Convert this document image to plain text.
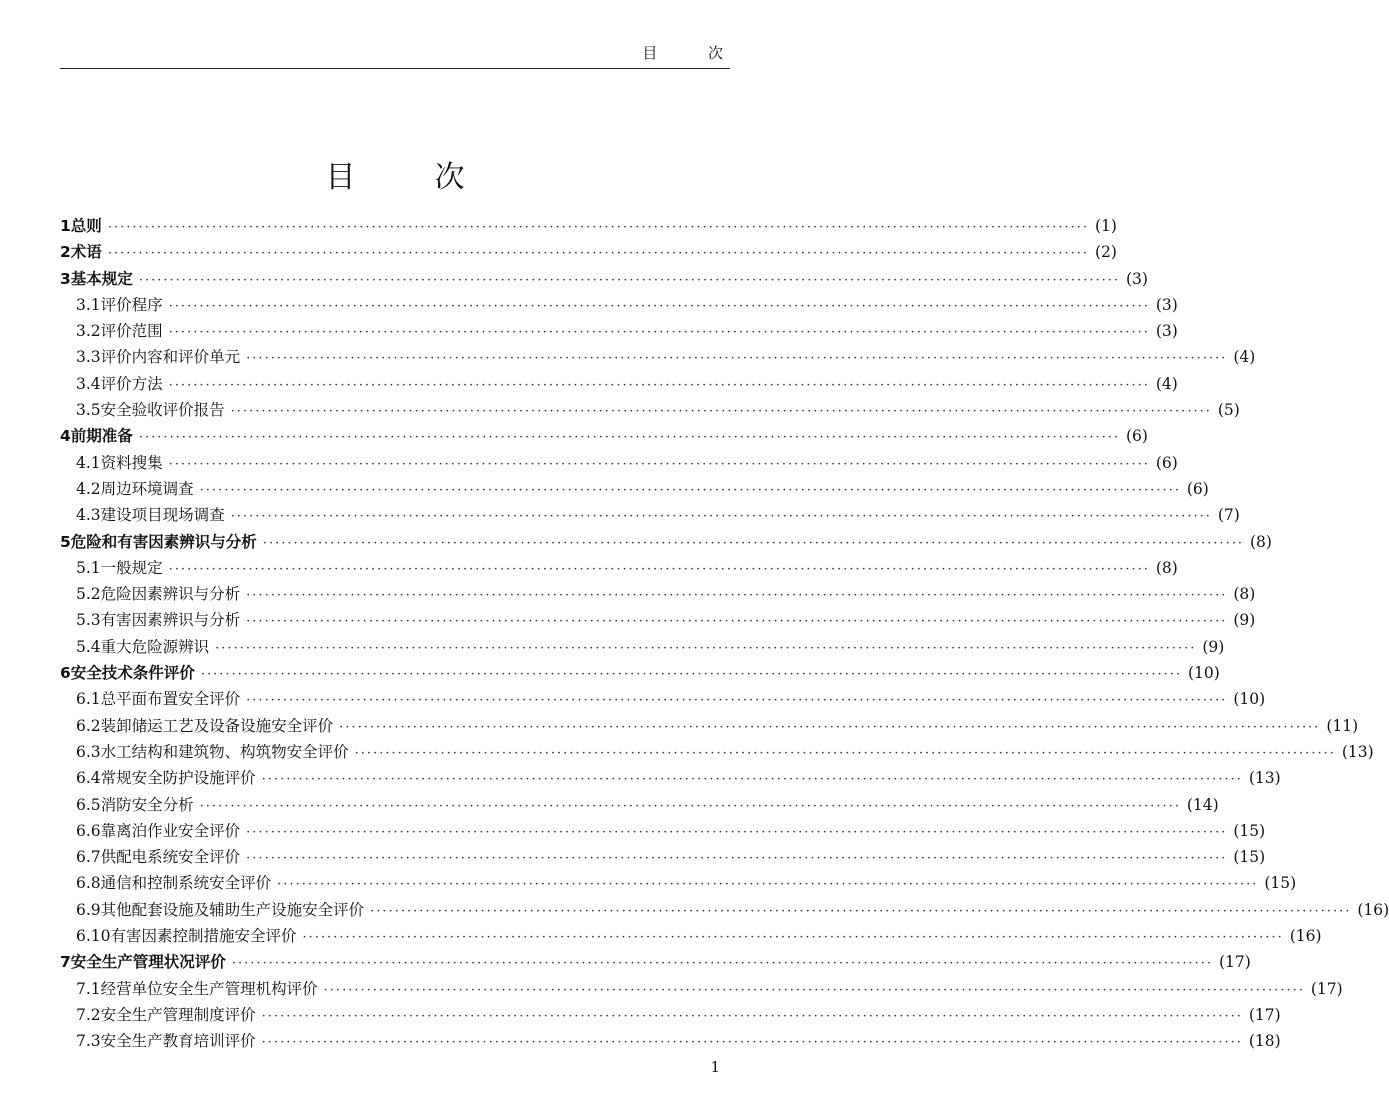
目	次
目	次
1 总则 ································································································································································ (1)
2 术语 ································································································································································ (2)
3 基本规定 ································································································································································ (3)
3.1 评价程序 ································································································································································ (3)
3.2 评价范围 ································································································································································ (3)
3.3 评价内容和评价单元 ································································································································································ (4)
3.4 评价方法 ································································································································································ (4)
3.5 安全验收评价报告 ································································································································································ (5)
4 前期准备 ································································································································································ (6)
4.1 资料搜集 ································································································································································ (6)
4.2 周边环境调查 ································································································································································ (6)
4.3 建设项目现场调查 ································································································································································ (7)
5 危险和有害因素辨识与分析 ································································································································································ (8)
5.1 一般规定 ································································································································································ (8)
5.2 危险因素辨识与分析 ································································································································································ (8)
5.3 有害因素辨识与分析 ································································································································································ (9)
5.4 重大危险源辨识 ································································································································································ (9)
6 安全技术条件评价 ································································································································································ (10)
6.1 总平面布置安全评价 ································································································································································ (10)
6.2 装卸储运工艺及设备设施安全评价 ································································································································································ (11)
6.3 水工结构和建筑物、构筑物安全评价 ································································································································································ (13)
6.4 常规安全防护设施评价 ································································································································································ (13)
6.5 消防安全分析 ································································································································································ (14)
6.6 靠离泊作业安全评价 ································································································································································ (15)
6.7 供配电系统安全评价 ································································································································································ (15)
6.8 通信和控制系统安全评价 ································································································································································ (15)
6.9 其他配套设施及辅助生产设施安全评价 ································································································································································ (16)
6.10 有害因素控制措施安全评价 ································································································································································ (16)
7 安全生产管理状况评价 ································································································································································ (17)
7.1 经营单位安全生产管理机构评价 ································································································································································ (17)
7.2 安全生产管理制度评价 ································································································································································ (17)
7.3 安全生产教育培训评价 ································································································································································ (18)
1
